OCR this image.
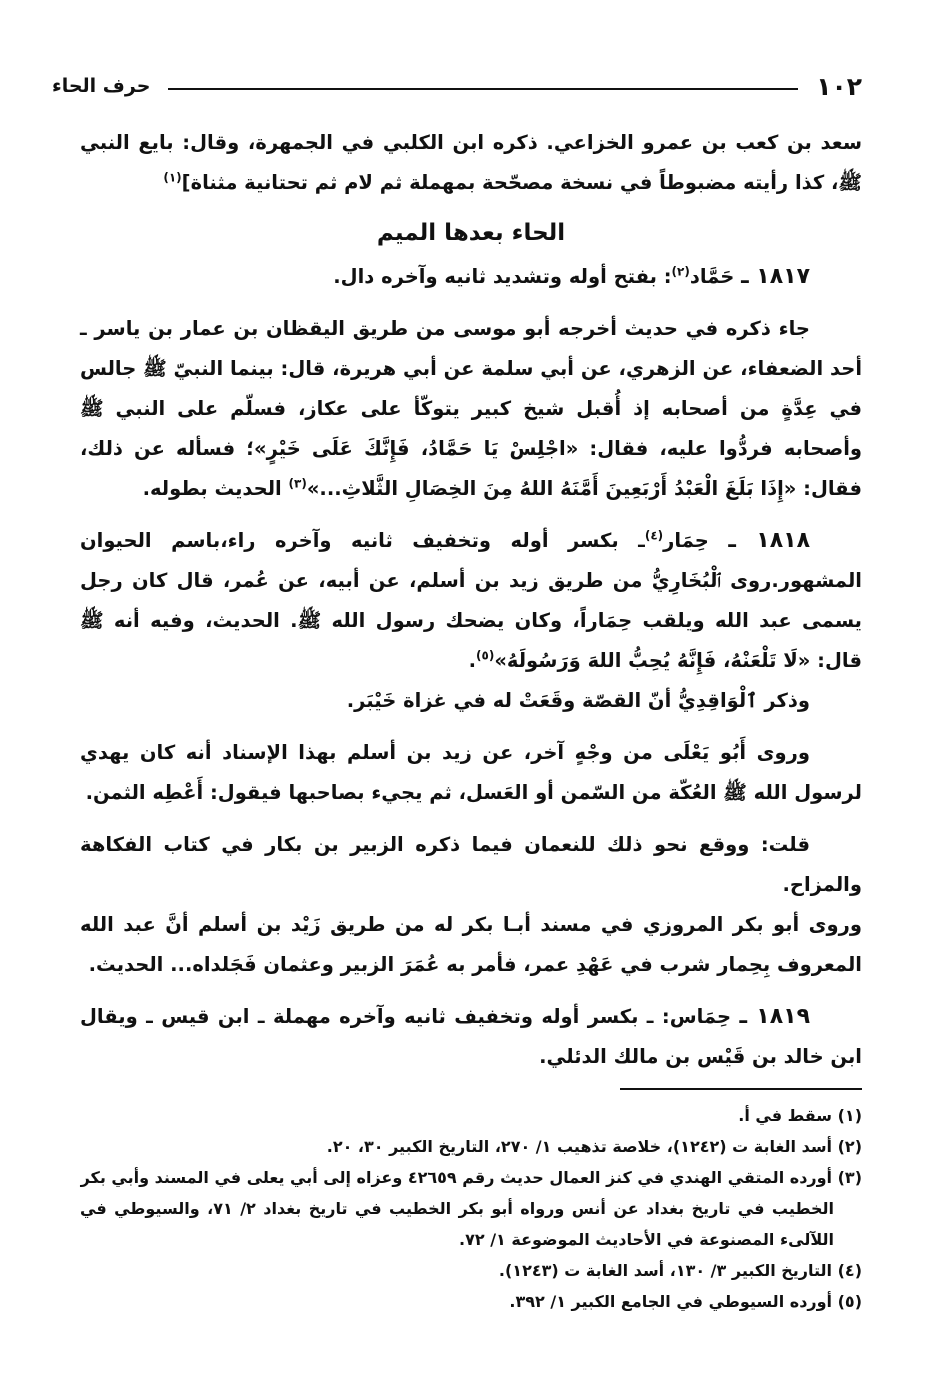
١٠٢
حرف الحاء

سعد بن كعب بن عمرو الخزاعي. ذكره ابن الكلبي في الجمهرة، وقال: بايع النبي ﷺ، كذا رأيته مضبوطاً في نسخة مصحّحة بمهملة ثم لام ثم تحتانية مثناة]$^{(١)}$

الحاء بعدها الميم

١٨١٧ ـ حَمَّاد$^{(٢)}$: بفتح أوله وتشديد ثانيه وآخره دال.

جاء ذكره في حديث أخرجه أبو موسى من طريق اليقظان بن عمار بن ياسر ـ أحد الضعفاء، عن الزهري، عن أبي سلمة عن أبي هريرة، قال: بينما النبيّ ﷺ جالس في عِدَّةٍ من أصحابه إذ أُقبل شيخ كبير يتوكّأ على عكاز، فسلّم على النبي ﷺ وأصحابه فردُّوا عليه، فقال: «اجْلِسْ يَا حَمَّادُ، فَإِنَّكَ عَلَى خَيْرٍ»؛ فسأله عن ذلك، فقال: «إِذَا بَلَغَ الْعَبْدُ أَرْبَعِينَ أَمَّنَهُ اللهُ مِنَ الخِصَالِ الثَّلاثِ...»$^{(٣)}$ الحديث بطوله.

١٨١٨ ـ حِمَار$^{(٤)}$ـ بكسر أوله وتخفيف ثانيه وآخره راء،باسم الحيوان المشهور.روى ٱلْبُخَارِيُّ من طريق زيد بن أسلم، عن أبيه، عن عُمر، قال كان رجل يسمى عبد الله ويلقب حِمَاراً، وكان يضحك رسول الله ﷺ. الحديث، وفيه أنه ﷺ قال: «لَا تَلْعَنْهُ، فَإِنَّهُ يُحِبُّ اللهَ وَرَسُولَهُ»$^{(٥)}$.

وذكر ٱلْوَاقِدِيُّ أنّ القصّة وقَعَتْ له في غزاة خَيْبَر.

وروى أَبُو يَعْلَى من وجْهٍ آخر، عن زيد بن أسلم بهذا الإسناد أنه كان يهدي لرسول الله ﷺ العُكّة من السّمن أو العَسل، ثم يجيء بصاحبها فيقول: أَعْطِه الثمن.

قلت: ووقع نحو ذلك للنعمان فيما ذكره الزبير بن بكار في كتاب الفكاهة والمزاح.

وروى أبو بكر المروزي في مسند أبـا بكر له من طريق زَيْد بن أسلم أنَّ عبد الله المعروف بِحِمار شرب في عَهْدِ عمر، فأمر به عُمَرَ الزبير وعثمان فَجَلداه... الحديث.

١٨١٩ ـ حِمَاس: ـ بكسر أوله وتخفيف ثانيه وآخره مهملة ـ ابن قيس ـ ويقال ابن خالد بن قَيْس بن مالك الدئلي.

(١) سقط في أ.

(٢) أسد الغابة ت (١٢٤٢)، خلاصة تذهيب ١/ ٢٧٠، التاريخ الكبير ٣٠، ٢٠.

(٣) أورده المتقي الهندي في كنز العمال حديث رقم ٤٢٦٥٩ وعزاه إلى أبي يعلى في المسند وأبي بكر

الخطيب في تاريخ بغداد عن أنس ورواه أبو بكر الخطيب في تاريخ بغداد ٢/ ٧١، والسيوطي في اللآلىء المصنوعة في الأحاديث الموضوعة ١/ ٧٢.

(٤) التاريخ الكبير ٣/ ١٣٠، أسد الغابة ت (١٢٤٣).

(٥) أورده السيوطي في الجامع الكبير ١/ ٣٩٢.
